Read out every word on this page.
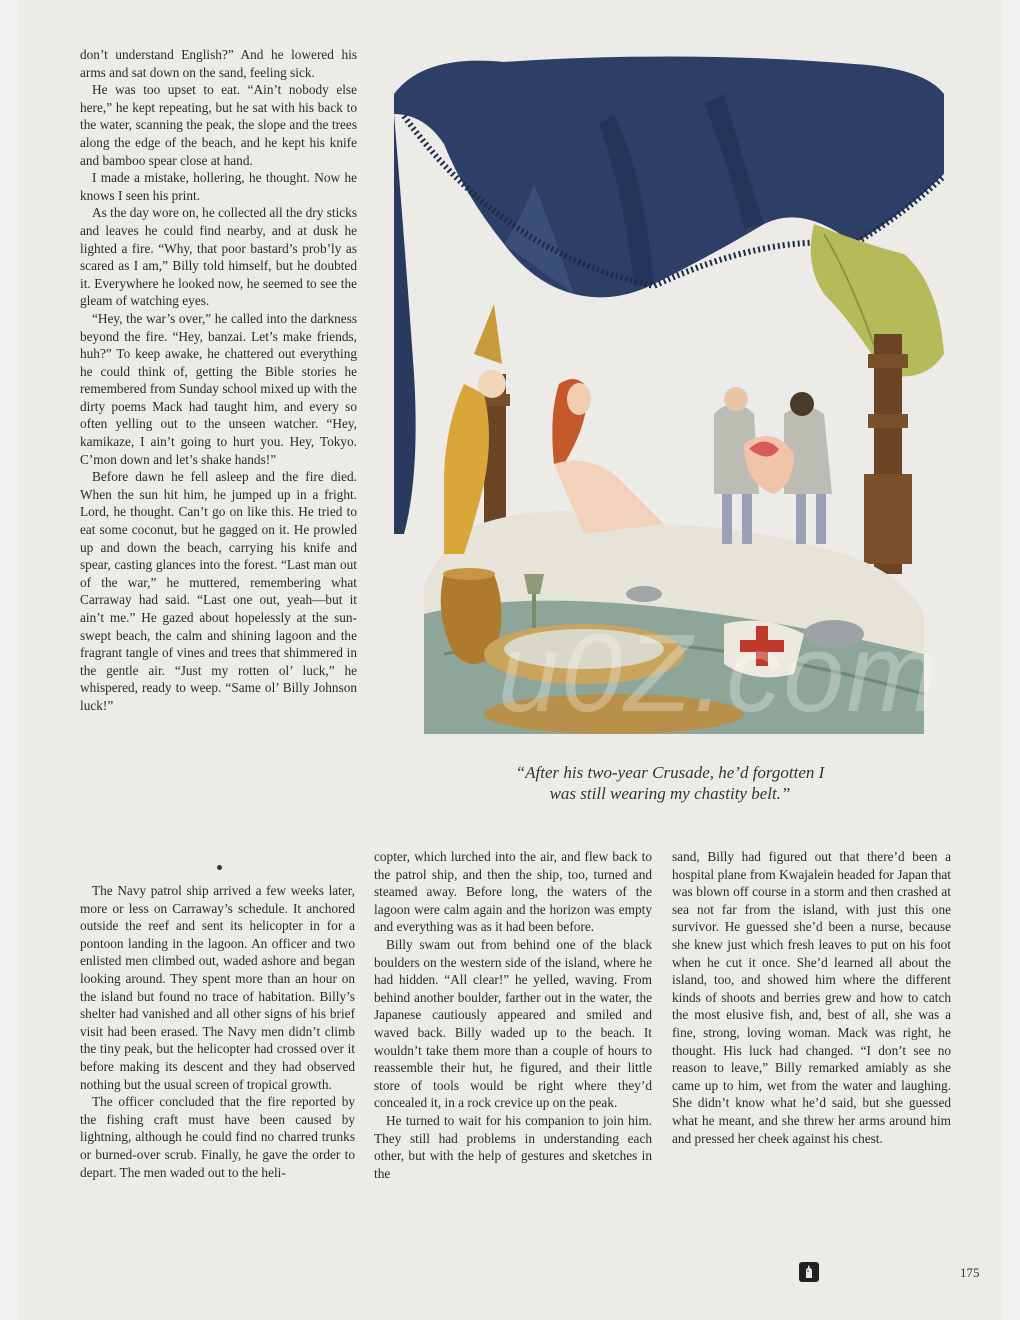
don’t understand English?” And he lowered his arms and sat down on the sand, feeling sick.

He was too upset to eat. “Ain’t nobody else here,” he kept repeating, but he sat with his back to the water, scanning the peak, the slope and the trees along the edge of the beach, and he kept his knife and bamboo spear close at hand.

I made a mistake, hollering, he thought. Now he knows I seen his print.

As the day wore on, he collected all the dry sticks and leaves he could find nearby, and at dusk he lighted a fire. “Why, that poor bastard’s prob’ly as scared as I am,” Billy told himself, but he doubted it. Everywhere he looked now, he seemed to see the gleam of watching eyes.

“Hey, the war’s over,” he called into the darkness beyond the fire. “Hey, banzai. Let’s make friends, huh?” To keep awake, he chattered out everything he could think of, getting the Bible stories he remembered from Sunday school mixed up with the dirty poems Mack had taught him, and every so often yelling out to the unseen watcher. “Hey, kamikaze, I ain’t going to hurt you. Hey, Tokyo. C’mon down and let’s shake hands!”

Before dawn he fell asleep and the fire died. When the sun hit him, he jumped up in a fright. Lord, he thought. Can’t go on like this. He tried to eat some coconut, but he gagged on it. He prowled up and down the beach, carrying his knife and spear, casting glances into the forest. “Last man out of the war,” he muttered, remembering what Carraway had said. “Last one out, yeah—but it ain’t me.” He gazed about hopelessly at the sun-swept beach, the calm and shining lagoon and the fragrant tangle of vines and trees that shimmered in the gentle air. “Just my rotten ol’ luck,” he whispered, ready to weep. “Same ol’ Billy Johnson luck!”

The Navy patrol ship arrived a few weeks later, more or less on Carraway’s schedule. It anchored outside the reef and sent its helicopter in for a pontoon landing in the lagoon. An officer and two enlisted men climbed out, waded ashore and began looking around. They spent more than an hour on the island but found no trace of habitation. Billy’s shelter had vanished and all other signs of his brief visit had been erased. The Navy men didn’t climb the tiny peak, but the helicopter had crossed over it before making its descent and they had observed nothing but the usual screen of tropical growth.

The officer concluded that the fire reported by the fishing craft must have been caused by lightning, although he could find no charred trunks or burned-over scrub. Finally, he gave the order to depart. The men waded out to the heli-

copter, which lurched into the air, and flew back to the patrol ship, and then the ship, too, turned and steamed away. Before long, the waters of the lagoon were calm again and the horizon was empty and everything was as it had been before.

Billy swam out from behind one of the black boulders on the western side of the island, where he had hidden. “All clear!” he yelled, waving. From behind another boulder, farther out in the water, the Japanese cautiously appeared and smiled and waved back. Billy waded up to the beach. It wouldn’t take them more than a couple of hours to reassemble their hut, he figured, and their little store of tools would be right where they’d concealed it, in a rock crevice up on the peak.

He turned to wait for his companion to join him. They still had problems in understanding each other, but with the help of gestures and sketches in the

sand, Billy had figured out that there’d been a hospital plane from Kwajalein headed for Japan that was blown off course in a storm and then crashed at sea not far from the island, with just this one survivor. He guessed she’d been a nurse, because she knew just which fresh leaves to put on his foot when he cut it once. She’d learned all about the island, too, and showed him where the different kinds of shoots and berries grew and how to catch the most elusive fish, and, best of all, she was a fine, strong, loving woman. Mack was right, he thought. His luck had changed. “I don’t see no reason to leave,” Billy remarked amiably as she came up to him, wet from the water and laughing. She didn’t know what he’d said, but she guessed what he meant, and she threw her arms around him and pressed her cheek against his chest.

u0Z.com
“After his two-year Crusade, he’d forgotten I
was still wearing my chastity belt.”
175
